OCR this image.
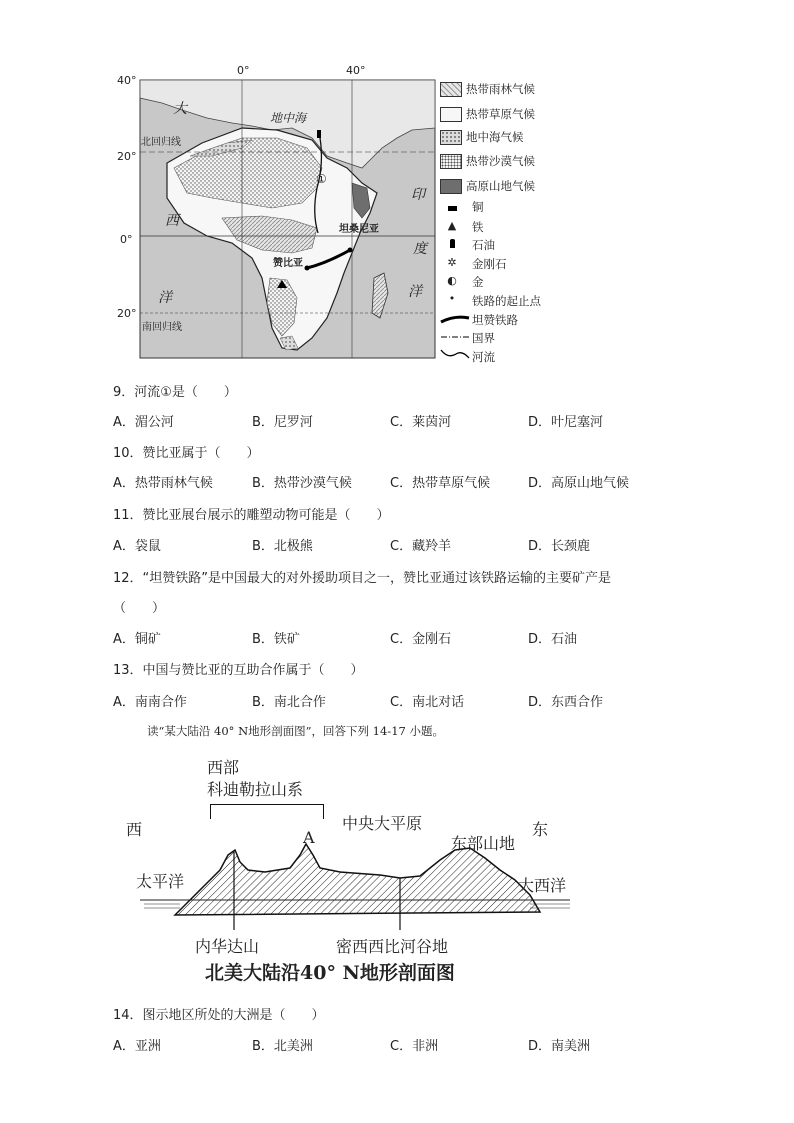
40°
20°
0°
20°
0°	40°
大
西
洋
印
度
洋
地中海
北回归线
南回归线
①
坦桑尼亚
赞比亚
热带雨林气候
热带草原气候
地中海气候
热带沙漠气候
高原山地气候
铜
▲ 铁
石油
✲ 金刚石
◐ 金
•	铁路的起止点
坦赞铁路
国界
河流
9．河流①是（　　）
A．湄公河	B．尼罗河	C．莱茵河	D．叶尼塞河
10．赞比亚属于（　　）
A．热带雨林气候	B．热带沙漠气候	C．热带草原气候	D．高原山地气候
11．赞比亚展台展示的雕塑动物可能是（　　）
A．袋鼠	B．北极熊	C．藏羚羊	D．长颈鹿
12．“坦赞铁路”是中国最大的对外援助项目之一，赞比亚通过该铁路运输的主要矿产是
（　　）
A．铜矿	B．铁矿	C．金刚石	D．石油
13．中国与赞比亚的互助合作属于（　　）
A．南南合作	B．南北合作	C．南北对话	D．东西合作
读“某大陆沿 40° N地形剖面图”，回答下列 14-17 小题。
西部
科迪勒拉山系
西	东
中央大平原
A	东部山地
太平洋	大西洋
内华达山	密西西比河谷地
北美大陆沿40° N地形剖面图
14．图示地区所处的大洲是（　　）
A．亚洲	B．北美洲	C．非洲	D．南美洲
